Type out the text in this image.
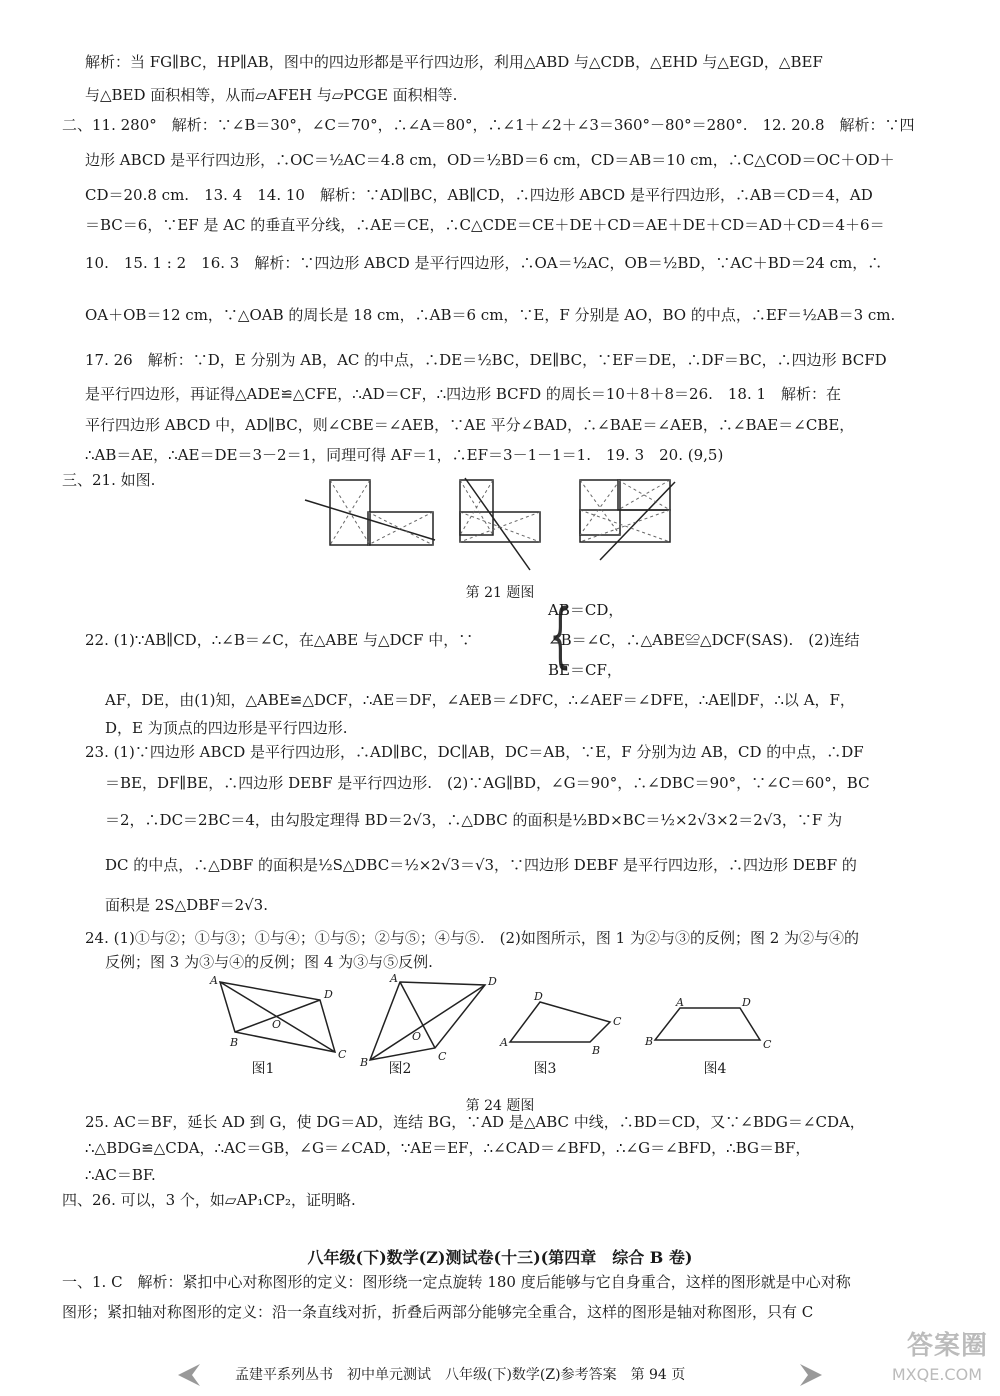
解析：当 FG∥BC，HP∥AB，图中的四边形都是平行四边形，利用△ABD 与△CDB，△EHD 与△EGD，△BEF
与△BED 面积相等，从而▱AFEH 与▱PCGE 面积相等.
二、11. 280°　解析：∵∠B＝30°，∠C＝70°，∴∠A＝80°，∴∠1＋∠2＋∠3＝360°－80°＝280°.　12. 20.8　解析：∵四
边形 ABCD 是平行四边形，∴OC＝½AC＝4.8 cm，OD＝½BD＝6 cm，CD＝AB＝10 cm，∴C△COD＝OC＋OD＋
CD＝20.8 cm.　13. 4　14. 10　解析：∵AD∥BC，AB∥CD，∴四边形 ABCD 是平行四边形，∴AB＝CD＝4，AD
＝BC＝6，∵EF 是 AC 的垂直平分线，∴AE＝CE，∴C△CDE＝CE＋DE＋CD＝AE＋DE＋CD＝AD＋CD＝4＋6＝
10.　15. 1 : 2　16. 3　解析：∵四边形 ABCD 是平行四边形，∴OA＝½AC，OB＝½BD，∵AC＋BD＝24 cm，∴
OA＋OB＝12 cm，∵△OAB 的周长是 18 cm，∴AB＝6 cm，∵E，F 分别是 AO，BO 的中点，∴EF＝½AB＝3 cm.
17. 26　解析：∵D，E 分别为 AB，AC 的中点，∴DE＝½BC，DE∥BC，∵EF＝DE，∴DF＝BC，∴四边形 BCFD
是平行四边形，再证得△ADE≌△CFE，∴AD＝CF，∴四边形 BCFD 的周长＝10＋8＋8＝26.　18. 1　解析：在
平行四边形 ABCD 中，AD∥BC，则∠CBE＝∠AEB，∵AE 平分∠BAD，∴∠BAE＝∠AEB，∴∠BAE＝∠CBE，
∴AB＝AE，∴AE＝DE＝3－2＝1，同理可得 AF＝1，∴EF＝3－1－1＝1.　19. 3　20. (9,5)
三、21. 如图.
第 21 题图
22. (1)∵AB∥CD，∴∠B＝∠C，在△ABE 与△DCF 中，∵ {
AB＝CD，
∠B＝∠C，∴△ABE≌△DCF(SAS).　(2)连结
BE＝CF，
AF，DE，由(1)知，△ABE≌△DCF，∴AE＝DF，∠AEB＝∠DFC，∴∠AEF＝∠DFE，∴AE∥DF，∴以 A，F，
D，E 为顶点的四边形是平行四边形.
23. (1)∵四边形 ABCD 是平行四边形，∴AD∥BC，DC∥AB，DC＝AB，∵E，F 分别为边 AB，CD 的中点，∴DF
＝BE，DF∥BE，∴四边形 DEBF 是平行四边形.　(2)∵AG∥BD，∠G＝90°，∴∠DBC＝90°，∵∠C＝60°，BC
＝2，∴DC＝2BC＝4，由勾股定理得 BD＝2√3，∴△DBC 的面积是½BD×BC＝½×2√3×2＝2√3，∵F 为
DC 的中点，∴△DBF 的面积是½S△DBC＝½×2√3＝√3，∵四边形 DEBF 是平行四边形，∴四边形 DEBF 的
面积是 2S△DBF＝2√3.
24. (1)①与②；①与③；①与④；①与⑤；②与⑤；④与⑤.　(2)如图所示，图 1 为②与③的反例；图 2 为②与④的
反例；图 3 为③与④的反例；图 4 为③与⑤反例.
A
D
C
B
O
A	D
C
B
O
D
C
A
B
A	D
C
B
图1	图2	图3	图4
第 24 题图
25. AC＝BF，延长 AD 到 G，使 DG＝AD，连结 BG，∵AD 是△ABC 中线，∴BD＝CD，又∵∠BDG＝∠CDA，
∴△BDG≌△CDA，∴AC＝GB，∠G＝∠CAD，∵AE＝EF，∴∠CAD＝∠BFD，∴∠G＝∠BFD，∴BG＝BF，
∴AC＝BF.
四、26. 可以，3 个，如▱AP₁CP₂，证明略.
八年级(下)数学(Z)测试卷(十三)(第四章　综合 B 卷)
一、1. C　解析：紧扣中心对称图形的定义：图形绕一定点旋转 180 度后能够与它自身重合，这样的图形就是中心对称
图形；紧扣轴对称图形的定义：沿一条直线对折，折叠后两部分能够完全重合，这样的图形是轴对称图形，只有 C
孟建平系列丛书　初中单元测试　八年级(下)数学(Z)参考答案　第 94 页
答案圈
MXQE.COM
